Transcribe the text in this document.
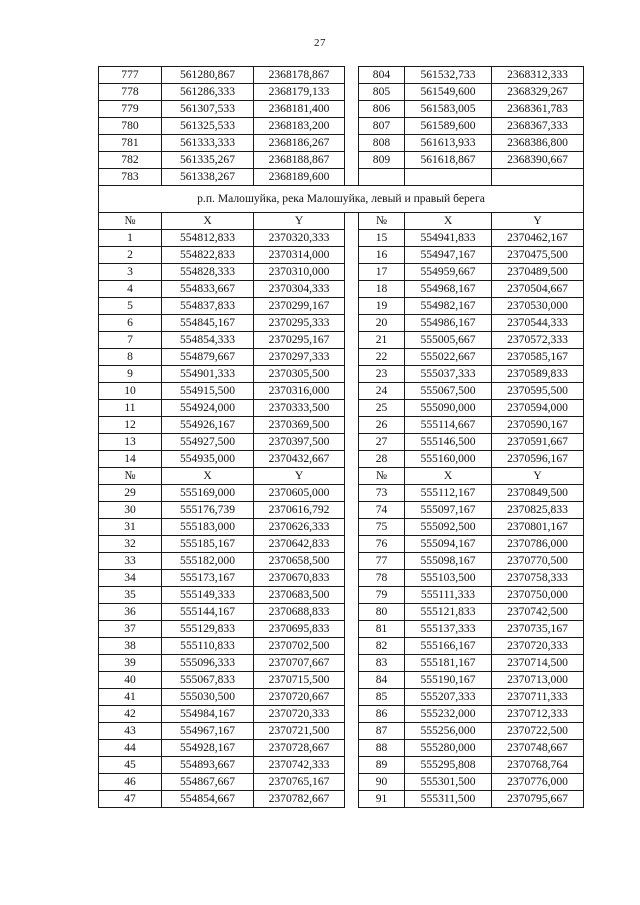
27
777	561280,867	2368178,867		804	561532,733	2368312,333
778	561286,333	2368179,133		805	561549,600	2368329,267
779	561307,533	2368181,400		806	561583,005	2368361,783
780	561325,533	2368183,200		807	561589,600	2368367,333
781	561333,333	2368186,267		808	561613,933	2368386,800
782	561335,267	2368188,867		809	561618,867	2368390,667
783	561338,267	2368189,600				
р.п. Малошуйка, река Малошуйка, левый и правый берега						
№	X	Y		№	X	Y
1	554812,833	2370320,333		15	554941,833	2370462,167
2	554822,833	2370314,000		16	554947,167	2370475,500
3	554828,333	2370310,000		17	554959,667	2370489,500
4	554833,667	2370304,333		18	554968,167	2370504,667
5	554837,833	2370299,167		19	554982,167	2370530,000
6	554845,167	2370295,333		20	554986,167	2370544,333
7	554854,333	2370295,167		21	555005,667	2370572,333
8	554879,667	2370297,333		22	555022,667	2370585,167
9	554901,333	2370305,500		23	555037,333	2370589,833
10	554915,500	2370316,000		24	555067,500	2370595,500
11	554924,000	2370333,500		25	555090,000	2370594,000
12	554926,167	2370369,500		26	555114,667	2370590,167
13	554927,500	2370397,500		27	555146,500	2370591,667
14	554935,000	2370432,667		28	555160,000	2370596,167
№	X	Y		№	X	Y
29	555169,000	2370605,000		73	555112,167	2370849,500
30	555176,739	2370616,792		74	555097,167	2370825,833
31	555183,000	2370626,333		75	555092,500	2370801,167
32	555185,167	2370642,833		76	555094,167	2370786,000
33	555182,000	2370658,500		77	555098,167	2370770,500
34	555173,167	2370670,833		78	555103,500	2370758,333
35	555149,333	2370683,500		79	555111,333	2370750,000
36	555144,167	2370688,833		80	555121,833	2370742,500
37	555129,833	2370695,833		81	555137,333	2370735,167
38	555110,833	2370702,500		82	555166,167	2370720,333
39	555096,333	2370707,667		83	555181,167	2370714,500
40	555067,833	2370715,500		84	555190,167	2370713,000
41	555030,500	2370720,667		85	555207,333	2370711,333
42	554984,167	2370720,333		86	555232,000	2370712,333
43	554967,167	2370721,500		87	555256,000	2370722,500
44	554928,167	2370728,667		88	555280,000	2370748,667
45	554893,667	2370742,333		89	555295,808	2370768,764
46	554867,667	2370765,167		90	555301,500	2370776,000
47	554854,667	2370782,667		91	555311,500	2370795,667
